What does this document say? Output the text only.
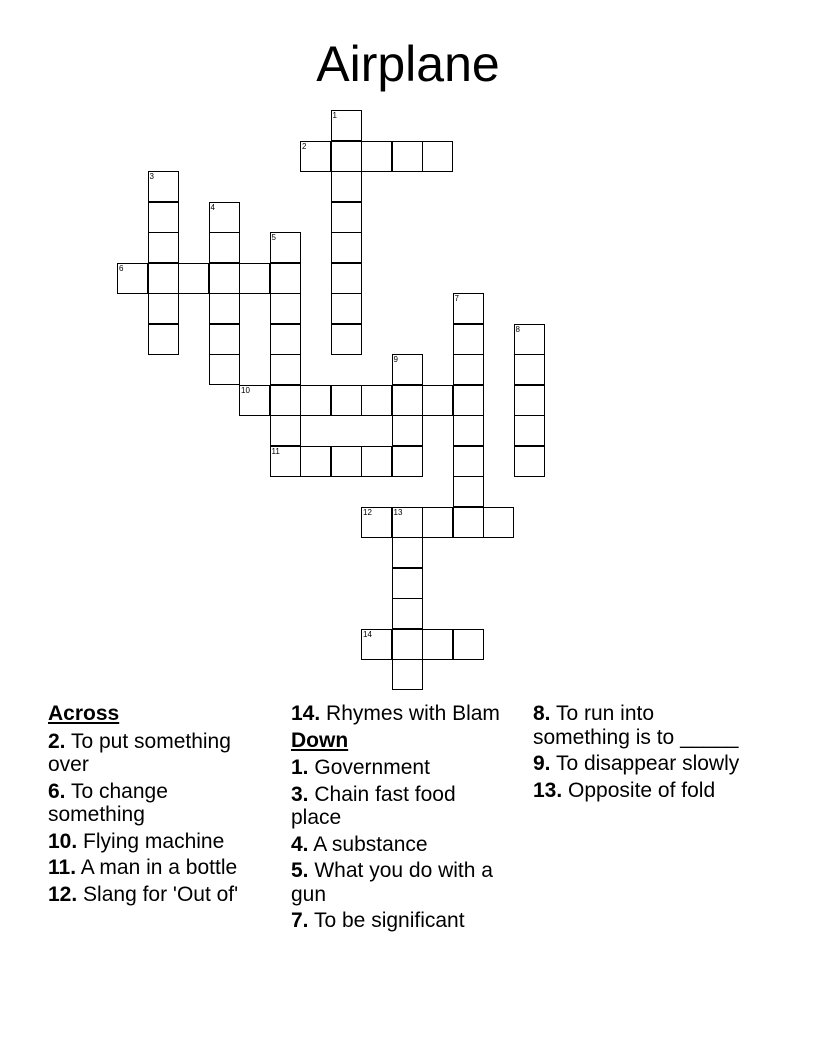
Airplane
1
2
3
4
5
6
7
8
9
10
11
12	13
14
Across
2. To put something over
6. To change something
10. Flying machine
11. A man in a bottle
12. Slang for 'Out of'
14. Rhymes with Blam
Down
1. Government
3. Chain fast food place
4. A substance
5. What you do with a gun
7. To be significant
8. To run into something is to _____
9. To disappear slowly
13. Opposite of fold
